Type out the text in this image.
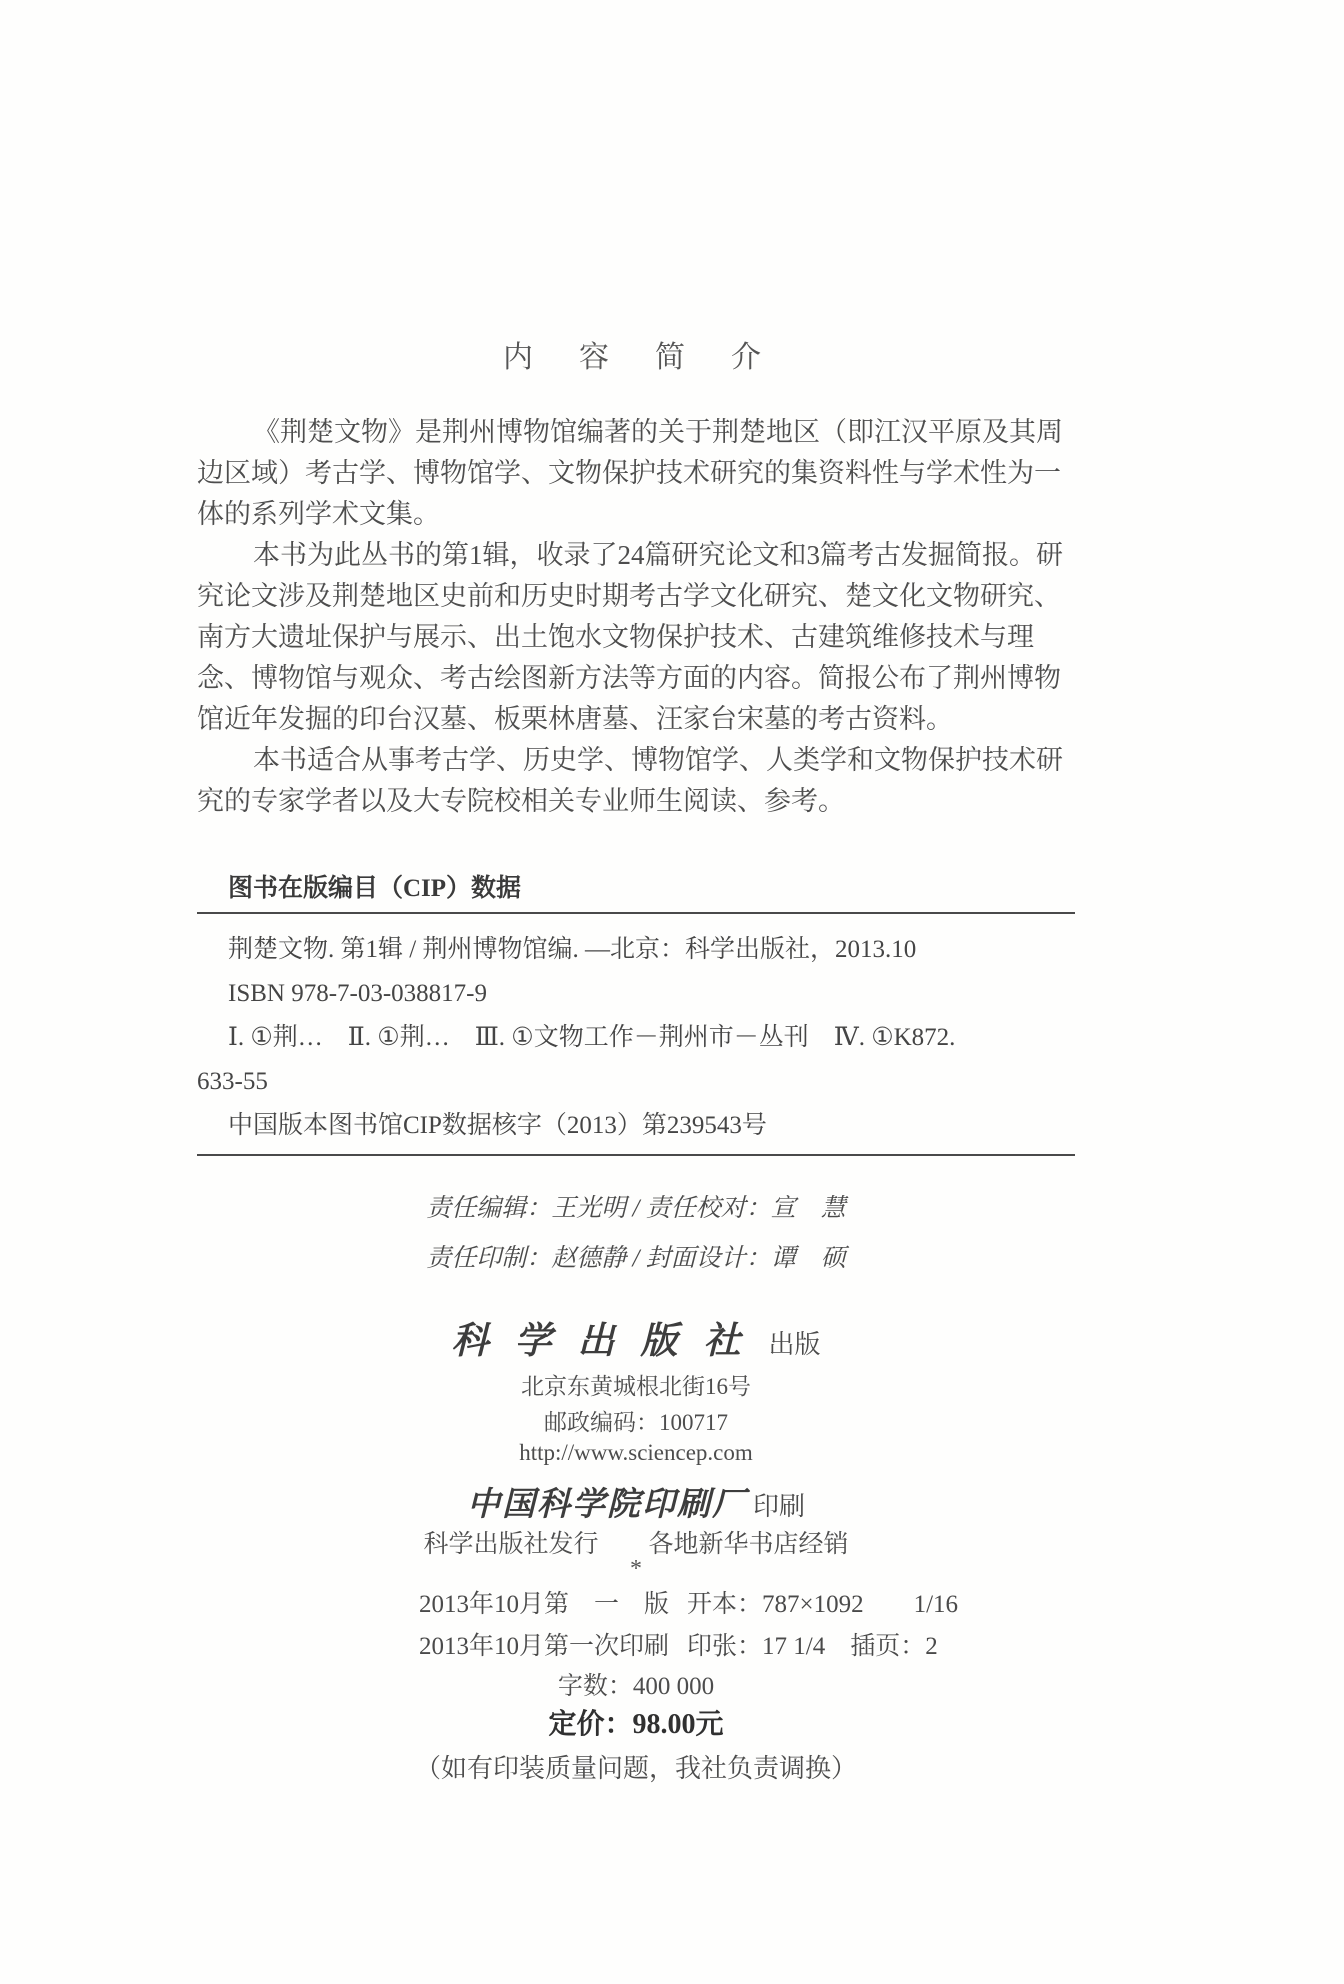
内　容　简　介
《荆楚文物》是荆州博物馆编著的关于荆楚地区（即江汉平原及其周
边区域）考古学、博物馆学、文物保护技术研究的集资料性与学术性为一
体的系列学术文集。
本书为此丛书的第1辑，收录了24篇研究论文和3篇考古发掘简报。研
究论文涉及荆楚地区史前和历史时期考古学文化研究、楚文化文物研究、
南方大遗址保护与展示、出土饱水文物保护技术、古建筑维修技术与理
念、博物馆与观众、考古绘图新方法等方面的内容。简报公布了荆州博物
馆近年发掘的印台汉墓、板栗林唐墓、汪家台宋墓的考古资料。
本书适合从事考古学、历史学、博物馆学、人类学和文物保护技术研
究的专家学者以及大专院校相关专业师生阅读、参考。
图书在版编目（CIP）数据
荆楚文物. 第1辑 / 荆州博物馆编. —北京：科学出版社，2013.10
ISBN 978-7-03-038817-9
Ⅰ. ①荆…　Ⅱ. ①荆…　Ⅲ. ①文物工作－荆州市－丛刊　Ⅳ. ①K872.
633-55
中国版本图书馆CIP数据核字（2013）第239543号
责任编辑：王光明 / 责任校对：宣　慧
责任印制：赵德静 / 封面设计：谭　硕
科学出版社出版
北京东黄城根北街16号
邮政编码：100717
http://www.sciencep.com
中国科学院印刷厂 印刷
科学出版社发行　　各地新华书店经销
*
2013年10月第　一　版 开本：787×1092　　1/16
2013年10月第一次印刷 印张：17 1/4　插页：2
字数：400 000
定价：98.00元
（如有印装质量问题，我社负责调换）
